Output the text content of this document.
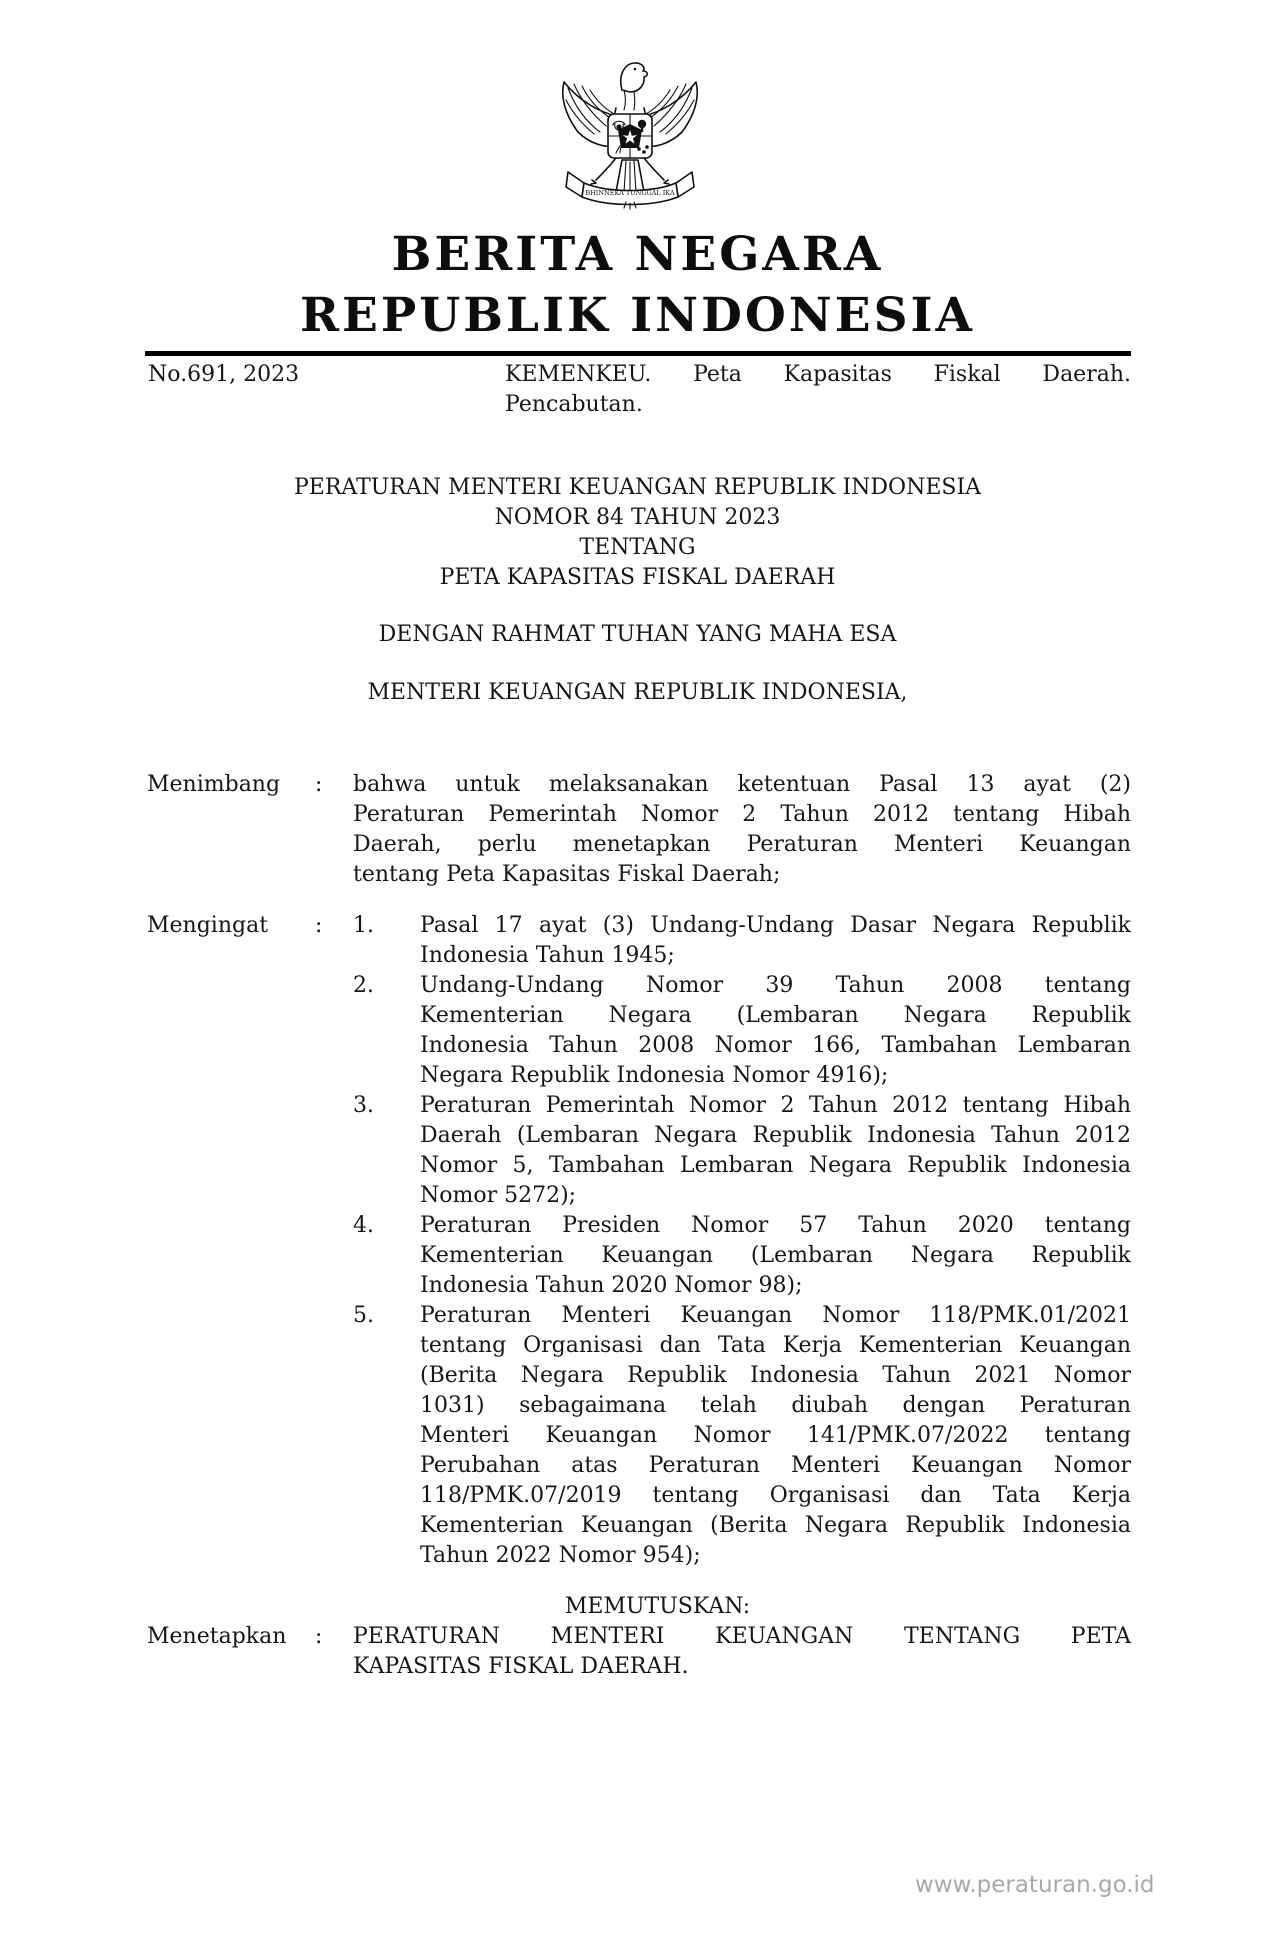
BHINNEKA TUNGGAL IKA
BERITA NEGARA
REPUBLIK INDONESIA
No.691, 2023	KEMENKEU. Peta Kapasitas Fiskal Daerah.
Pencabutan.
PERATURAN MENTERI KEUANGAN REPUBLIK INDONESIA
NOMOR 84 TAHUN 2023
TENTANG
PETA KAPASITAS FISKAL DAERAH
DENGAN RAHMAT TUHAN YANG MAHA ESA
MENTERI KEUANGAN REPUBLIK INDONESIA,
Menimbang : bahwa untuk melaksanakan ketentuan Pasal 13 ayat (2)
Peraturan Pemerintah Nomor 2 Tahun 2012 tentang Hibah
Daerah, perlu menetapkan Peraturan Menteri Keuangan
tentang Peta Kapasitas Fiskal Daerah;
Mengingat : 1. Pasal 17 ayat (3) Undang-Undang Dasar Negara Republik
Indonesia Tahun 1945;
2. Undang-Undang Nomor 39 Tahun 2008 tentang
Kementerian Negara (Lembaran Negara Republik
Indonesia Tahun 2008 Nomor 166, Tambahan Lembaran
Negara Republik Indonesia Nomor 4916);
3. Peraturan Pemerintah Nomor 2 Tahun 2012 tentang Hibah
Daerah (Lembaran Negara Republik Indonesia Tahun 2012
Nomor 5, Tambahan Lembaran Negara Republik Indonesia
Nomor 5272);
4. Peraturan Presiden Nomor 57 Tahun 2020 tentang
Kementerian Keuangan (Lembaran Negara Republik
Indonesia Tahun 2020 Nomor 98);
5. Peraturan Menteri Keuangan Nomor 118/PMK.01/2021
tentang Organisasi dan Tata Kerja Kementerian Keuangan
(Berita Negara Republik Indonesia Tahun 2021 Nomor
1031) sebagaimana telah diubah dengan Peraturan
Menteri Keuangan Nomor 141/PMK.07/2022 tentang
Perubahan atas Peraturan Menteri Keuangan Nomor
118/PMK.07/2019 tentang Organisasi dan Tata Kerja
Kementerian Keuangan (Berita Negara Republik Indonesia
Tahun 2022 Nomor 954);
MEMUTUSKAN:
Menetapkan : PERATURAN MENTERI KEUANGAN TENTANG PETA
KAPASITAS FISKAL DAERAH.
www.peraturan.go.id
